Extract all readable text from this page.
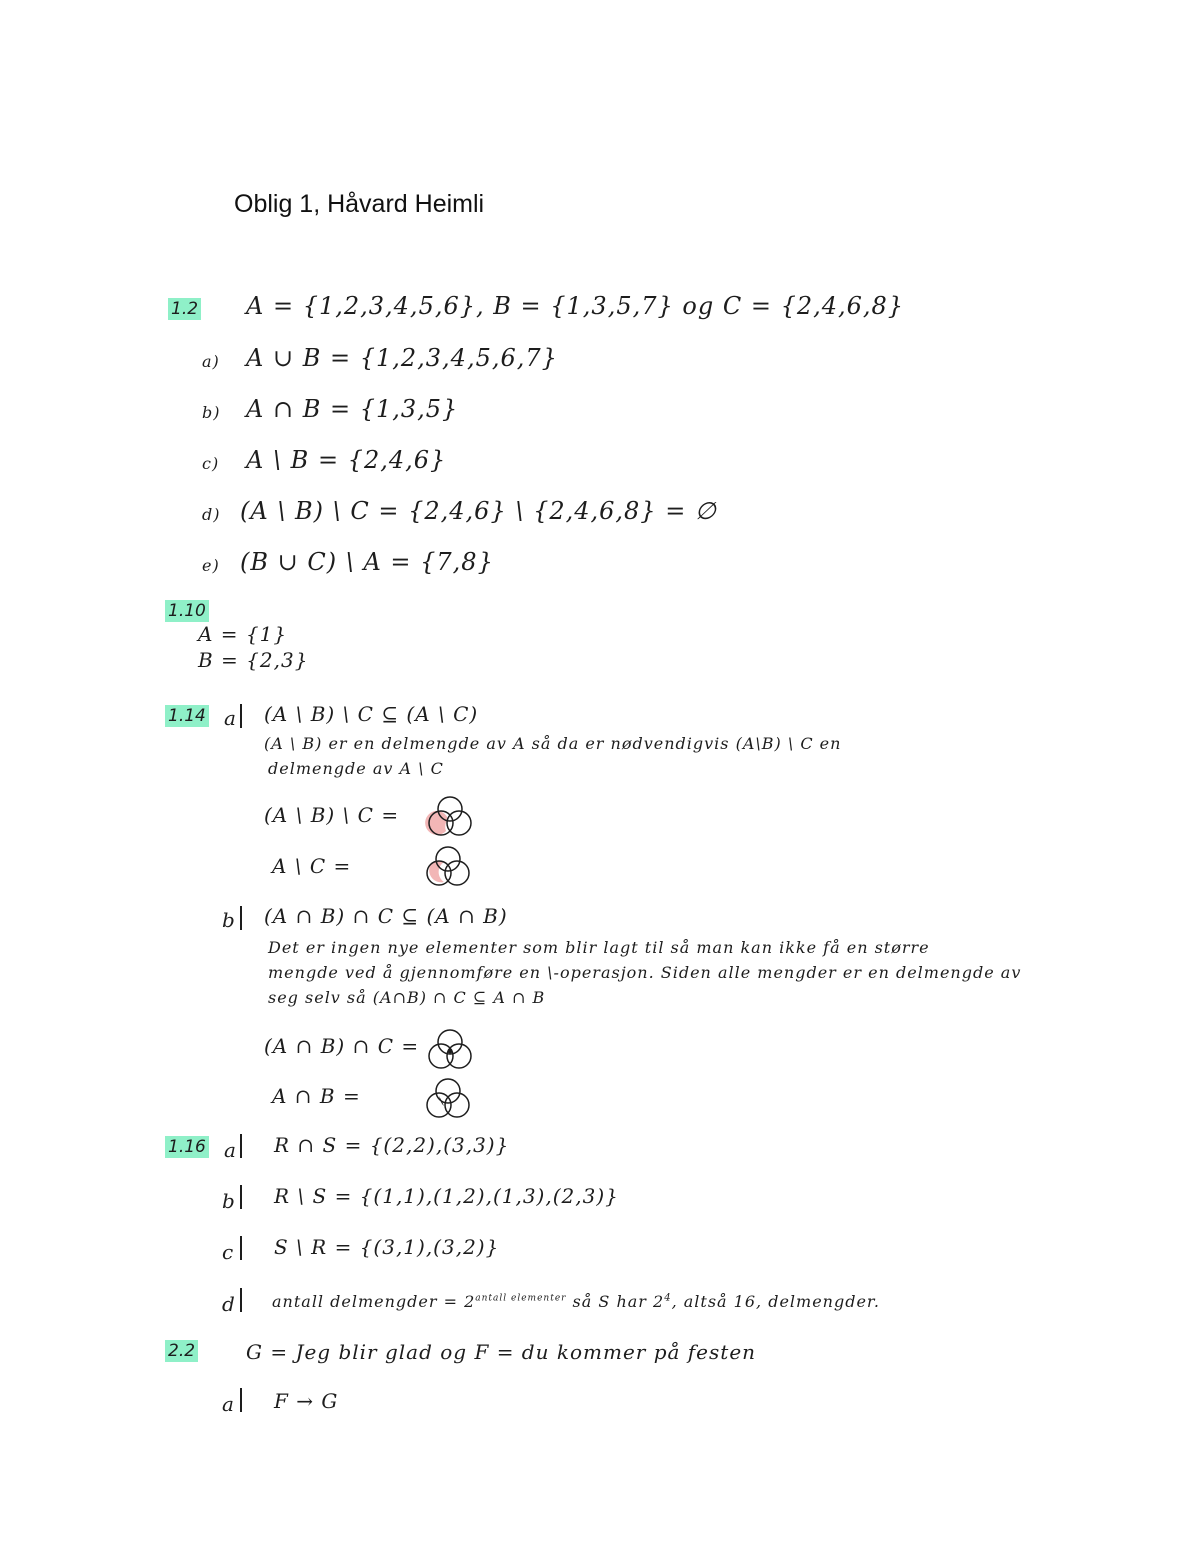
Oblig 1, Håvard Heimli
1.2 A = {1,2,3,4,5,6}, B = {1,3,5,7} og C = {2,4,6,8}
a) A ∪ B = {1,2,3,4,5,6,7}
b) A ∩ B = {1,3,5}
c) A \ B = {2,4,6}
d) (A \ B) \ C = {2,4,6} \ {2,4,6,8} = ∅
e) (B ∪ C) \ A = {7,8}
1.10
A = {1}
B = {2,3}
1.14 a (A \ B) \ C ⊆ (A \ C)
(A \ B) er en delmengde av A så da er nødvendigvis (A\B) \ C en
delmengde av A \ C
(A \ B) \ C =
A \ C =
b (A ∩ B) ∩ C ⊆ (A ∩ B)
Det er ingen nye elementer som blir lagt til så man kan ikke få en større
mengde ved å gjennomføre en \-operasjon. Siden alle mengder er en delmengde av
seg selv så (A∩B) ∩ C ⊆ A ∩ B
(A ∩ B) ∩ C =
A ∩ B =
1.16 a R ∩ S = {(2,2),(3,3)}
b R \ S = {(1,1),(1,2),(1,3),(2,3)}
c S \ R = {(3,1),(3,2)}
d antall delmengder = $2^{antall elementer}$ så S har $2^4$, altså 16, delmengder.
2.2	G = Jeg blir glad og F = du kommer på festen
a F → G
